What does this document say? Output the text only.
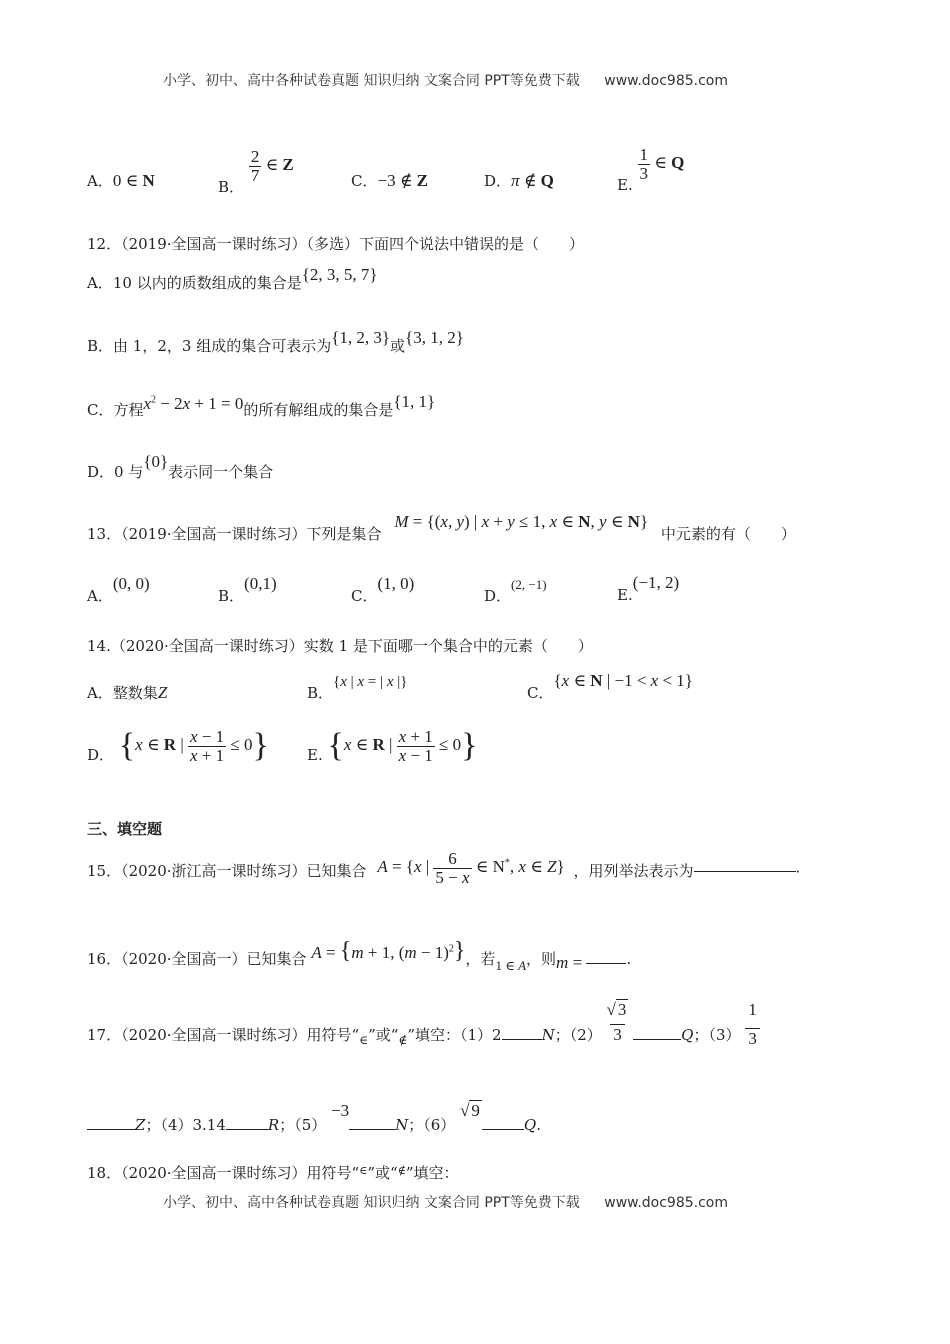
小学、初中、高中各种试卷真题 知识归纳 文案合同 PPT等免费下载 www.doc985.com
A．0 ∈ N	B．
$\frac{2}{7}$ ∈ Z
C．−3 ∉ Z	D．π ∉ Q	E.
$\frac{1}{3}$ ∈ Q
12．（2019·全国高一课时练习）（多选）下面四个说法中错误的是（　　）
A．10 以内的质数组成的集合是{2, 3, 5, 7}
B．由 1，2，3 组成的集合可表示为{1, 2, 3}或{3, 1, 2}
C．方程$x^2 - 2x + 1 = 0$的所有解组成的集合是{1, 1}
D．0 与{0}表示同一个集合
13．（2019·全国高一课时练习）下列是集合 M = {(x, y) | x + y ≤ 1, x ∈ N, y ∈ N} 中元素的有（　　）
A．(0, 0)
B．(0,1)
C．(1, 0)
D．(2, −1)
E.(−1, 2)
14.（2020·全国高一课时练习）实数 1 是下面哪一个集合中的元素（　　）
A．整数集Z	B．{x | x = | x |}
C．{x ∈ N | −1 < x < 1}
D． {x ∈ R | $\frac{x - 1}{x + 1} \le 0$}	E. {x ∈ R | $\frac{x + 1}{x - 1} \le 0$}
三、填空题
15．（2020·浙江高一课时练习）已知集合 A = {x | $\frac{6}{5 - x}$ ∈ N*, x ∈ Z} ，用列举法表示为	.
16．（2020·全国高一）已知集合 A = {m + 1, $(m - 1)^2$}，若1 ∈ A，则m =	.
17．（2020·全国高一课时练习）用符号“$_\in$”或“$_\notin$”填空：（1）2	N；$(2) \frac{√ 3}{3}$	Q；$(3) \frac{1}{3}$
Z；（4）3.14	R；（5） −3N；（6） √ 9Q.
18．（2020·全国高一课时练习）用符号“∈”或“∉”填空：
小学、初中、高中各种试卷真题 知识归纳 文案合同 PPT等免费下载 www.doc985.com
